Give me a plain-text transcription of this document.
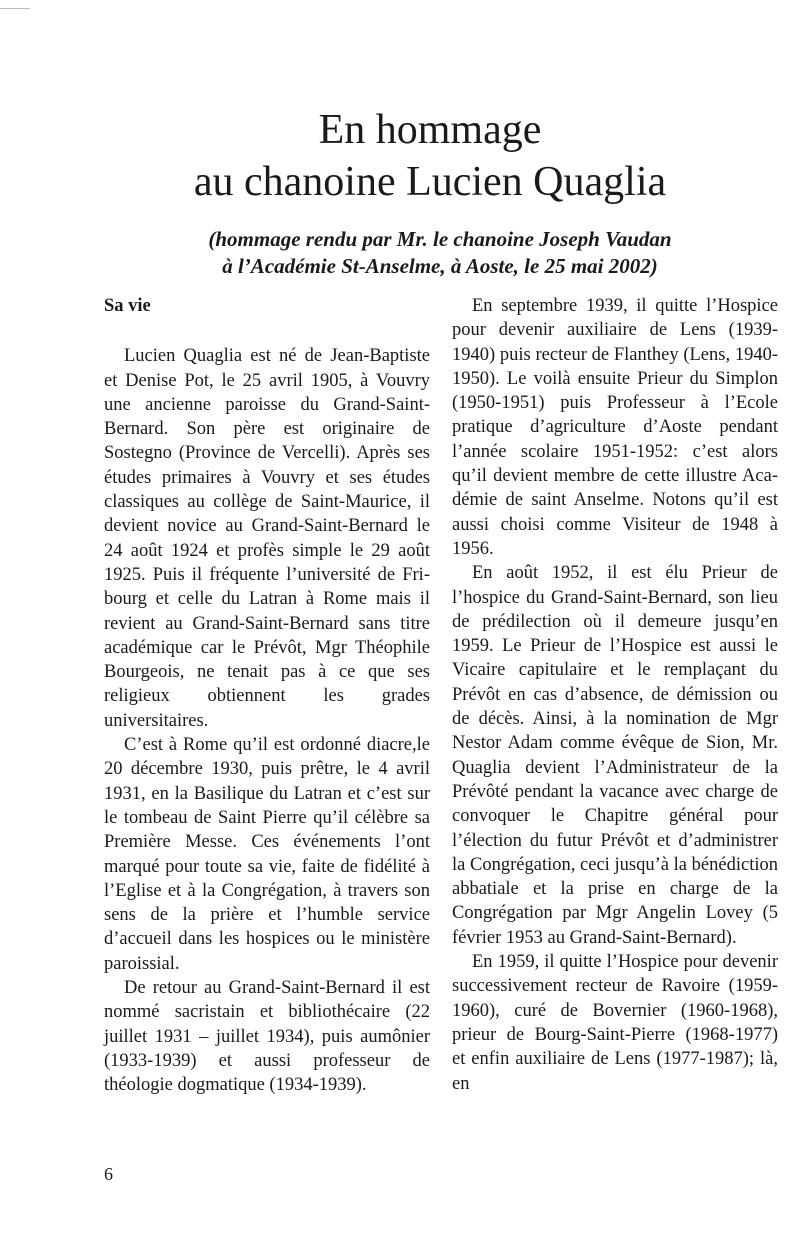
En hommage
au chanoine Lucien Quaglia

(hommage rendu par Mr. le chanoine Joseph Vaudan
à l’Académie St-Anselme, à Aoste, le 25 mai 2002)

Sa vie

Lucien Quaglia est né de Jean-Baptiste et Denise Pot, le 25 avril 1905, à Vouvry une ancienne paroisse du Grand-Saint-Bernard. Son père est originaire de Sostegno (Province de Vercelli). Après ses études primaires à Vouvry et ses études classiques au collège de Saint-Maurice, il devient novice au Grand-Saint-Bernard le 24 août 1924 et profès simple le 29 août 1925. Puis il fréquente l’université de Fribourg et celle du Latran à Rome mais il revient au Grand-Saint-Bernard sans titre académique car le Prévôt, Mgr Théophile Bourgeois, ne tenait pas à ce que ses religieux obtiennent les grades universitaires.

C’est à Rome qu’il est ordonné diacre,le 20 décembre 1930, puis prêtre, le 4 avril 1931, en la Basilique du Latran et c’est sur le tombeau de Saint Pierre qu’il célèbre sa Première Messe. Ces événements l’ont marqué pour toute sa vie, faite de fidélité à l’Eglise et à la Congrégation, à travers son sens de la prière et l’humble service d’accueil dans les hospices ou le ministère paroissial.

De retour au Grand-Saint-Bernard il est nommé sacristain et bibliothécaire (22 juillet 1931 – juillet 1934), puis aumônier (1933-1939) et aussi professeur de théologie dogmatique (1934-1939).

En septembre 1939, il quitte l’Hospice pour devenir auxiliaire de Lens (1939-1940) puis recteur de Flanthey (Lens, 1940-1950). Le voilà ensuite Prieur du Simplon (1950-1951) puis Professeur à l’Ecole pratique d’agriculture d’Aoste pendant l’année scolaire 1951-1952: c’est alors qu’il devient membre de cette illustre Académie de saint Anselme. Notons qu’il est aussi choisi comme Visiteur de 1948 à 1956.

En août 1952, il est élu Prieur de l’hospice du Grand-Saint-Bernard, son lieu de prédilection où il demeure jusqu’en 1959. Le Prieur de l’Hospice est aussi le Vicaire capitulaire et le remplaçant du Prévôt en cas d’absence, de démission ou de décès. Ainsi, à la nomination de Mgr Nestor Adam comme évêque de Sion, Mr. Quaglia devient l’Administrateur de la Prévôté pendant la vacance avec charge de convoquer le Chapitre général pour l’élection du futur Prévôt et d’administrer la Congrégation, ceci jusqu’à la bénédiction abbatiale et la prise en charge de la Congrégation par Mgr Angelin Lovey (5 février 1953 au Grand-Saint-Bernard).

En 1959, il quitte l’Hospice pour devenir successivement recteur de Ravoire (1959-1960), curé de Bovernier (1960-1968), prieur de Bourg-Saint-Pierre (1968-1977) et enfin auxiliaire de Lens (1977-1987); là, en

6
